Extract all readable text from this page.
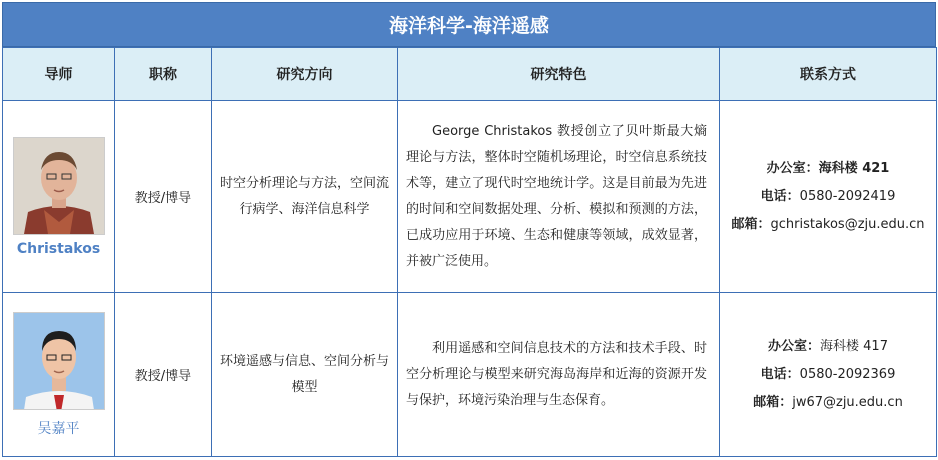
海洋科学-海洋遥感
导师	职称	研究方向	研究特色	联系方式

Christakos	教授/博导	时空分析理论与方法，空间流行病学、海洋信息科学	George Christakos 教授创立了贝叶斯最大熵理论与方法，整体时空随机场理论，时空信息系统技术等，建立了现代时空地统计学。这是目前最为先进的时间和空间数据处理、分析、模拟和预测的方法，已成功应用于环境、生态和健康等领域，成效显著，并被广泛使用。	办公室：海科楼 421
电话：0580-2092419
邮箱：gchristakos@zju.edu.cn

吴嘉平	教授/博导	环境遥感与信息、空间分析与模型	利用遥感和空间信息技术的方法和技术手段、时空分析理论与模型来研究海岛海岸和近海的资源开发与保护，环境污染治理与生态保育。	办公室：海科楼 417
电话：0580-2092369
邮箱：jw67@zju.edu.cn
